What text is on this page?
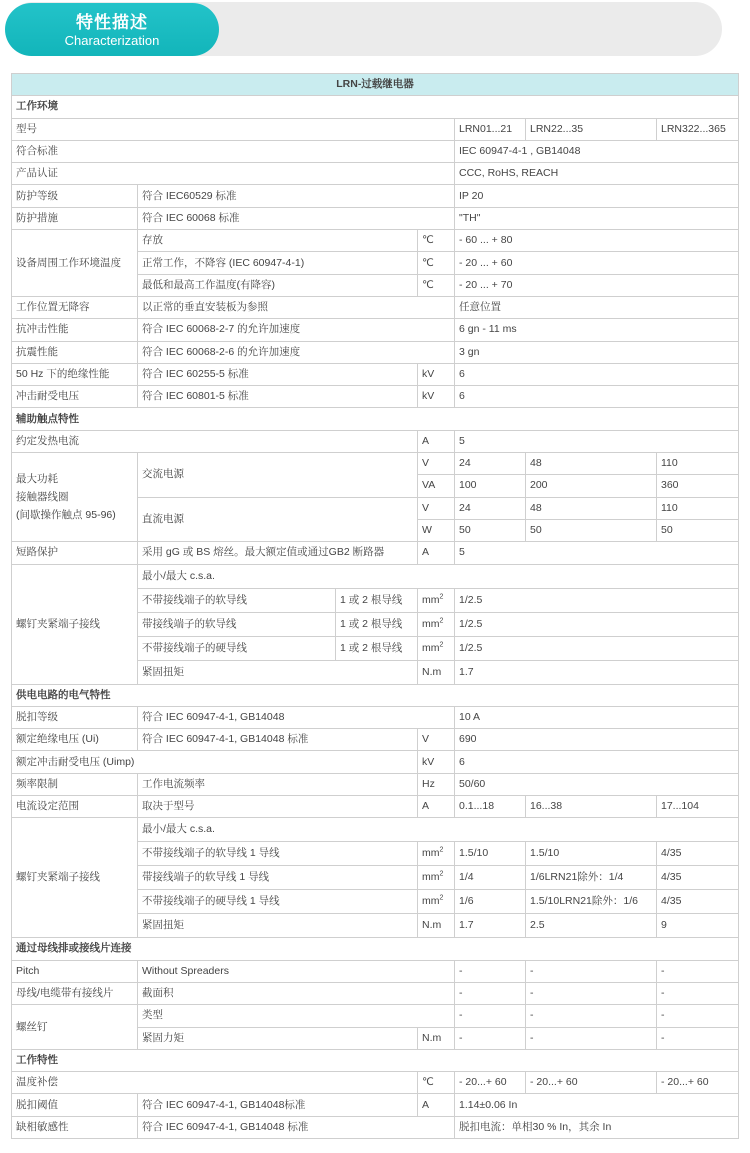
特性描述
Characterization
LRN-过载继电器						
工作环境						
型号				LRN01...21	LRN22...35	LRN322...365
符合标准				IEC 60947-4-1 , GB14048		
产品认证				CCC, RoHS, REACH		
防护等级	符合 IEC60529 标准			IP 20		
防护措施	符合 IEC 60068 标准			"TH"		
设备周围工作环境温度	存放		℃	- 60 ... + 80		
	正常工作，不降容 (IEC 60947-4-1)		℃	- 20 ... + 60		
	最低和最高工作温度(有降容)		℃	- 20 ... + 70		
工作位置无降容	以正常的垂直安装板为参照			任意位置		
抗冲击性能	符合 IEC 60068-2-7 的允许加速度			6 gn - 11 ms		
抗震性能	符合 IEC 60068-2-6 的允许加速度			3 gn		
50 Hz 下的绝缘性能	符合 IEC 60255-5 标准		kV	6		
冲击耐受电压	符合 IEC 60801-5 标准		kV	6		
辅助触点特性						
约定发热电流			A	5		

最大功耗
接触器线圈
(间歇操作触点 95-96)	交流电源		V	24	48	110
			VA	100	200	360
	直流电源		V	24	48	110
			W	50	50	50
短路保护	采用 gG 或 BS 熔丝。最大额定值或通过GB2 断路器		A	5		
螺钉夹紧端子接线	最小/最大 c.s.a.					
	不带接线端子的软导线	1 或 2 根导线	$mm^2$	1/2.5		
	带接线端子的软导线	1 或 2 根导线	$mm^2$	1/2.5		
	不带接线端子的硬导线	1 或 2 根导线	$mm^2$	1/2.5		
	紧固扭矩		N.m	1.7		
供电电路的电气特性						
脱扣等级	符合 IEC 60947-4-1, GB14048			10 A		
额定绝缘电压 (Ui)	符合 IEC 60947-4-1, GB14048 标准		V	690		
额定冲击耐受电压 (Uimp)			kV	6		
频率限制	工作电流频率		Hz	50/60		
电流设定范围	取决于型号		A	0.1...18	16...38	17...104
螺钉夹紧端子接线	最小/最大 c.s.a.					
	不带接线端子的软导线 1 导线		$mm^2$	1.5/10	1.5/10	4/35
	带接线端子的软导线 1 导线		$mm^2$	1/4	1/6LRN21除外：1/4	4/35
	不带接线端子的硬导线 1 导线		$mm^2$	1/6	1.5/10LRN21除外：1/6	4/35
	紧固扭矩		N.m	1.7	2.5	9
通过母线排或接线片连接						
Pitch	Without Spreaders			-	-	-
母线/电缆带有接线片	截面积			-	-	-
螺丝钉	类型			-	-	-
	紧固力矩		N.m	-	-	-
工作特性						
温度补偿			℃	- 20...+ 60	- 20...+ 60	- 20...+ 60
脱扣阈值	符合 IEC 60947-4-1, GB14048标准		A	1.14±0.06 In		
缺相敏感性	符合 IEC 60947-4-1, GB14048 标准			脱扣电流：单相30 % In，其余 In		
